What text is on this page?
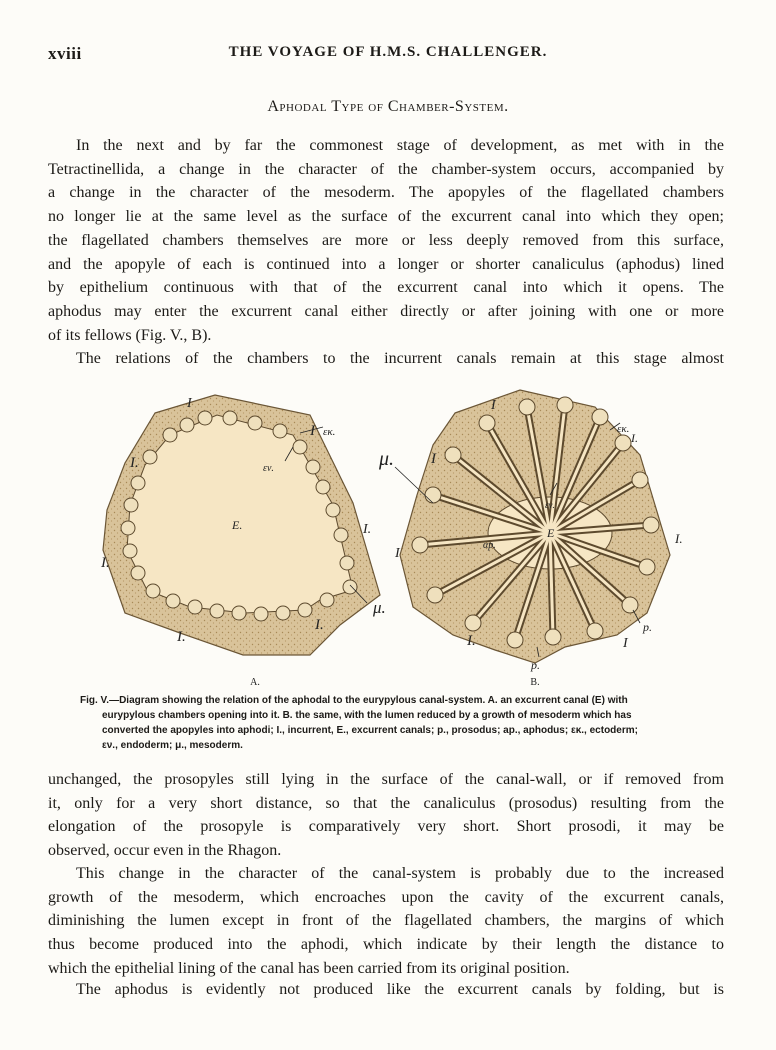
xviii	THE VOYAGE OF H.M.S. CHALLENGER.
Aphodal Type of Chamber-System.
In the next and by far the commonest stage of development, as met with in the
Tetractinellida, a change in the character of the chamber-system occurs, accompanied by
a change in the character of the mesoderm. The apopyles of the flagellated chambers
no longer lie at the same level as the surface of the excurrent canal into which they open;
the flagellated chambers themselves are more or less deeply removed from this surface,
and the apopyle of each is continued into a longer or shorter canaliculus (aphodus) lined
by epithelium continuous with that of the excurrent canal into which it opens. The
aphodus may enter the excurrent canal either directly or after joining with one or more
of its fellows (Fig. V., B).
The relations of the chambers to the incurrent canals remain at this stage almost
I
I.
I εκ.
εν.
E.	I.
I.
μ.
I.
I.
A.
I
μ. I
εκ.
I.
εν.
E
αp.	I.
I
I.
p.
I
p.
B.
Fig. V.—Diagram showing the relation of the aphodal to the eurypylous canal-system. A. an excurrent canal (E) with
eurypylous chambers opening into it. B. the same, with the lumen reduced by a growth of mesoderm which has
converted the apopyles into aphodi; I., incurrent, E., excurrent canals; p., prosodus; ap., aphodus; εκ., ectoderm;
εν., endoderm; μ., mesoderm.
unchanged, the prosopyles still lying in the surface of the canal-wall, or if removed from
it, only for a very short distance, so that the canaliculus (prosodus) resulting from the
elongation of the prosopyle is comparatively very short. Short prosodi, it may be
observed, occur even in the Rhagon.
This change in the character of the canal-system is probably due to the increased
growth of the mesoderm, which encroaches upon the cavity of the excurrent canals,
diminishing the lumen except in front of the flagellated chambers, the margins of which
thus become produced into the aphodi, which indicate by their length the distance to
which the epithelial lining of the canal has been carried from its original position.
The aphodus is evidently not produced like the excurrent canals by folding, but is
